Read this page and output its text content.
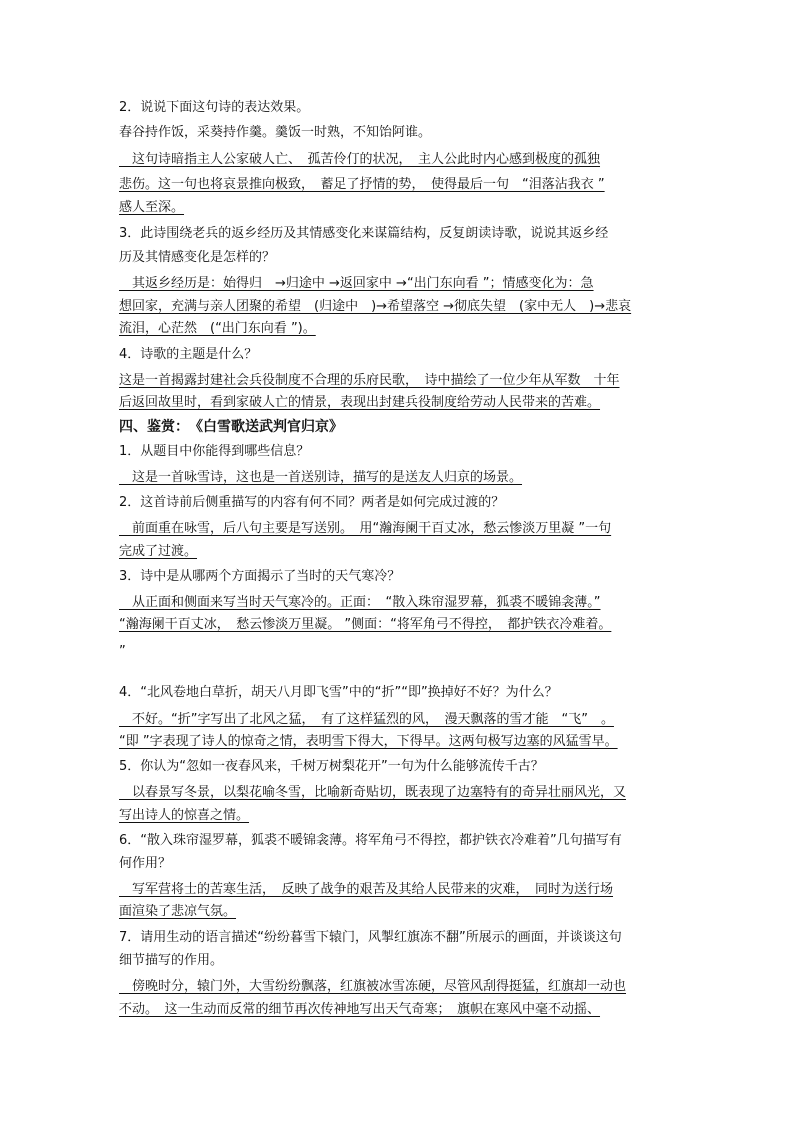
2．说说下面这句诗的表达效果。
春谷持作饭，采葵持作羹。羹饭一时熟，不知饴阿谁。
　这句诗暗指主人公家破人亡、　孤苦伶仃的状况，　主人公此时内心感到极度的孤独
悲伤。这一句也将哀景推向极致，　蓄足了抒情的势，　使得最后一句　“泪落沾我衣 ”
感人至深。
3．此诗围绕老兵的返乡经历及其情感变化来谋篇结构，反复朗读诗歌，说说其返乡经
历及其情感变化是怎样的？
　其返乡经历是：始得归　→归途中 →返回家中 →“出门东向看 ”；情感变化为：急
想回家，充满与亲人团聚的希望　(归途中　)→希望落空 →彻底失望　(家中无人　)→悲哀
流泪，心茫然　(“出门东向看 ”)。
4．诗歌的主题是什么？
这是一首揭露封建社会兵役制度不合理的乐府民歌，　诗中描绘了一位少年从军数　十年
后返回故里时，看到家破人亡的情景，表现出封建兵役制度给劳动人民带来的苦难。
四、鉴赏：　《白雪歌送武判官归京》
1．从题目中你能得到哪些信息？
　这是一首咏雪诗，这也是一首送别诗，描写的是送友人归京的场景。
2．这首诗前后侧重描写的内容有何不同？两者是如何完成过渡的？
　前面重在咏雪，后八句主要是写送别。　用“瀚海阑干百丈冰，愁云惨淡万里凝 ”一句
完成了过渡。
3．诗中是从哪两个方面揭示了当时的天气寒冷？
　从正面和侧面来写当时天气寒冷的。正面：　“散入珠帘湿罗幕，狐裘不暖锦衾薄。”
“瀚海阑干百丈冰，　愁云惨淡万里凝。 ”侧面：“将军角弓不得控，　都护铁衣冷难着。
”
4．“北风卷地白草折，胡天八月即飞雪”中的“折”“即”换掉好不好？为什么？
　不好。“折”字写出了北风之猛，　有了这样猛烈的风，　漫天飘落的雪才能　“飞”　。
“即 ”字表现了诗人的惊奇之情，表明雪下得大，下得早。这两句极写边塞的风猛雪早。
5．你认为“忽如一夜春风来，千树万树梨花开”一句为什么能够流传千古？
　以春景写冬景，以梨花喻冬雪，比喻新奇贴切，既表现了边塞特有的奇异壮丽风光，又
写出诗人的惊喜之情。
6．“散入珠帘湿罗幕，狐裘不暖锦衾薄。将军角弓不得控，都护铁衣冷难着”几句描写有
何作用？
　写军营将士的苦寒生活，　反映了战争的艰苦及其给人民带来的灾难，　同时为送行场
面渲染了悲凉气氛。
7．请用生动的语言描述“纷纷暮雪下辕门，风掣红旗冻不翻”所展示的画面，并谈谈这句
细节描写的作用。
　傍晚时分，辕门外，大雪纷纷飘落，红旗被冰雪冻硬，尽管风刮得挺猛，红旗却一动也
不动。　这一生动而反常的细节再次传神地写出天气奇寒；　旗帜在寒风中毫不动摇、
